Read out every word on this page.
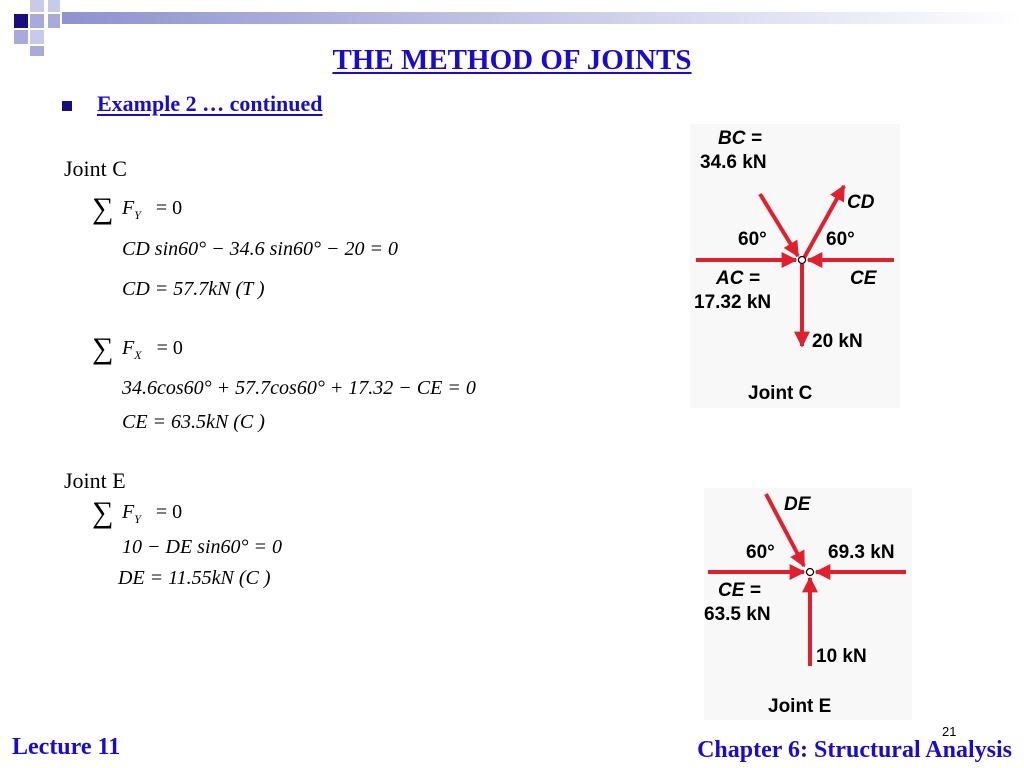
THE METHOD OF JOINTS
Example 2 … continued
Joint C
∑ $F_Y = 0$
CD sin60° − 34.6 sin60° − 20 = 0
CD = 57.7kN (T )
∑ $F_X = 0$
34.6cos60° + 57.7cos60° + 17.32 − CE = 0
CE = 63.5kN (C )
Joint E
∑ $F_Y = 0$
10 − DE sin60° = 0
DE = 11.55kN (C )
BC =
34.6 kN
CD
60°	60°
AC =
17.32 kN
CE
20 kN
Joint C
DE
60°	69.3 kN
CE =
63.5 kN
10 kN
Joint E
21
Lecture 11	Chapter 6: Structural Analysis
